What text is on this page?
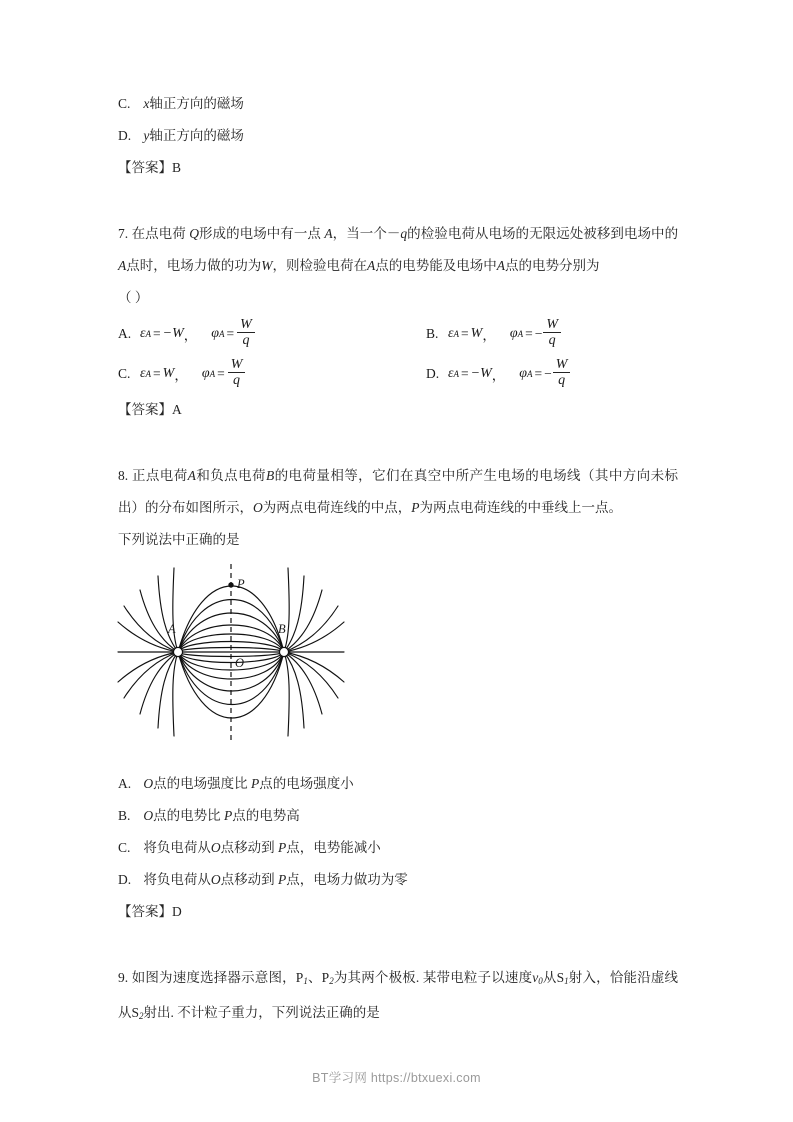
C. x轴正方向的磁场
D. y轴正方向的磁场
【答案】B
7. 在点电荷 Q形成的电场中有一点 A，当一个－q的检验电荷从电场的无限远处被移到电场中的 A点时，电场力做的功为W，则检验电荷在A点的电势能及电场中A点的电势分别为
（ ）
A. ε A = −W ， φ $A = \frac{W}{q}$	B. ε A = W ， φ A = − $\frac{W}{q}$
C. ε A = W ， φ $A = \frac{W}{q}$	D. ε A = −W ， φ A = − $\frac{W}{q}$
【答案】A
8. 正点电荷A和负点电荷B的电荷量相等，它们在真空中所产生电场的电场线（其中方向未标出）的分布如图所示，O为两点电荷连线的中点，P为两点电荷连线的中垂线上一点。
下列说法中正确的是
A	B
O
P
A. O点的电场强度比 P点的电场强度小
B. O点的电势比 P点的电势高
C. 将负电荷从O点移动到 P点，电势能减小
D. 将负电荷从O点移动到 P点，电场力做功为零
【答案】D
9. 如图为速度选择器示意图，$P_1$、$P_2$为其两个极板. 某带电粒子以速度$v_0$从$S_1$射入，恰能沿虚线从$S_2$射出. 不计粒子重力，下列说法正确的是
BT学习网 https://btxuexi.com
